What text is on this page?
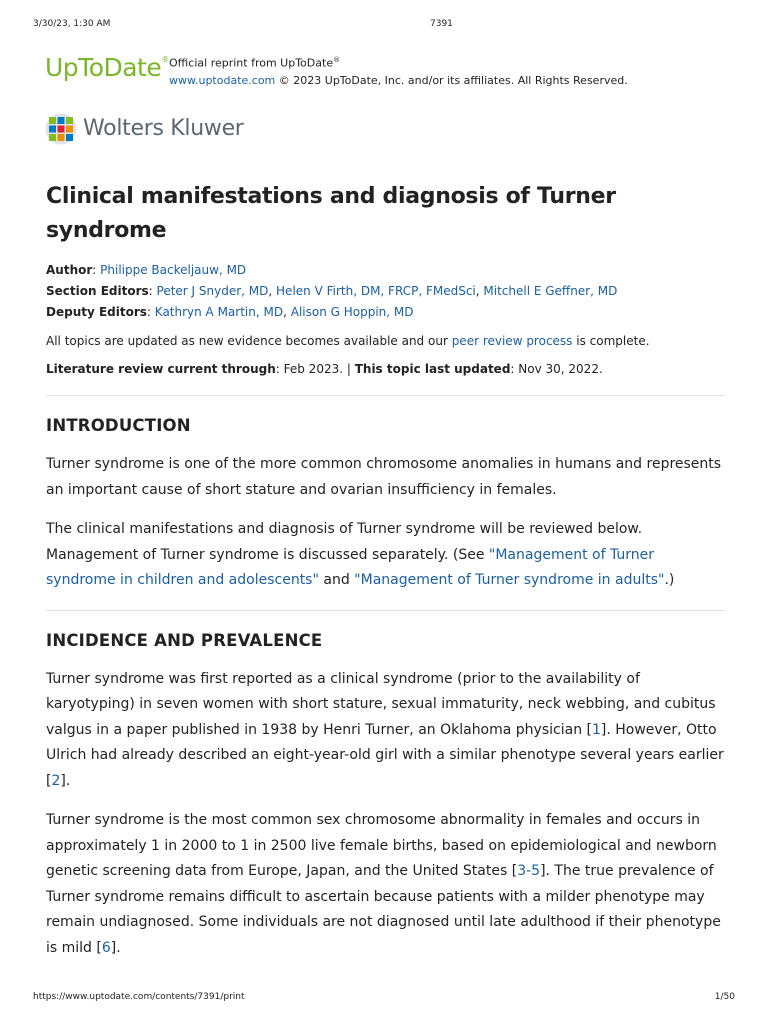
3/30/23, 1:30 AM	7391
UpToDate® Official reprint from UpToDate®
www.uptodate.com © 2023 UpToDate, Inc. and/or its affiliates. All Rights Reserved.
Wolters Kluwer
Clinical manifestations and diagnosis of Turner syndrome
Author: Philippe Backeljauw, MD
Section Editors: Peter J Snyder, MD, Helen V Firth, DM, FRCP, FMedSci, Mitchell E Geffner, MD
Deputy Editors: Kathryn A Martin, MD, Alison G Hoppin, MD
All topics are updated as new evidence becomes available and our peer review process is complete.
Literature review current through: Feb 2023. | This topic last updated: Nov 30, 2022.
INTRODUCTION

Turner syndrome is one of the more common chromosome anomalies in humans and represents an important cause of short stature and ovarian insufficiency in females.

The clinical manifestations and diagnosis of Turner syndrome will be reviewed below. Management of Turner syndrome is discussed separately. (See "Management of Turner syndrome in children and adolescents" and "Management of Turner syndrome in adults".)

INCIDENCE AND PREVALENCE

Turner syndrome was first reported as a clinical syndrome (prior to the availability of karyotyping) in seven women with short stature, sexual immaturity, neck webbing, and cubitus valgus in a paper published in 1938 by Henri Turner, an Oklahoma physician [1]. However, Otto Ulrich had already described an eight-year-old girl with a similar phenotype several years earlier [2].

Turner syndrome is the most common sex chromosome abnormality in females and occurs in approximately 1 in 2000 to 1 in 2500 live female births, based on epidemiological and newborn genetic screening data from Europe, Japan, and the United States [3-5]. The true prevalence of Turner syndrome remains difficult to ascertain because patients with a milder phenotype may remain undiagnosed. Some individuals are not diagnosed until late adulthood if their phenotype is mild [6].

https://www.uptodate.com/contents/7391/print	1/50
